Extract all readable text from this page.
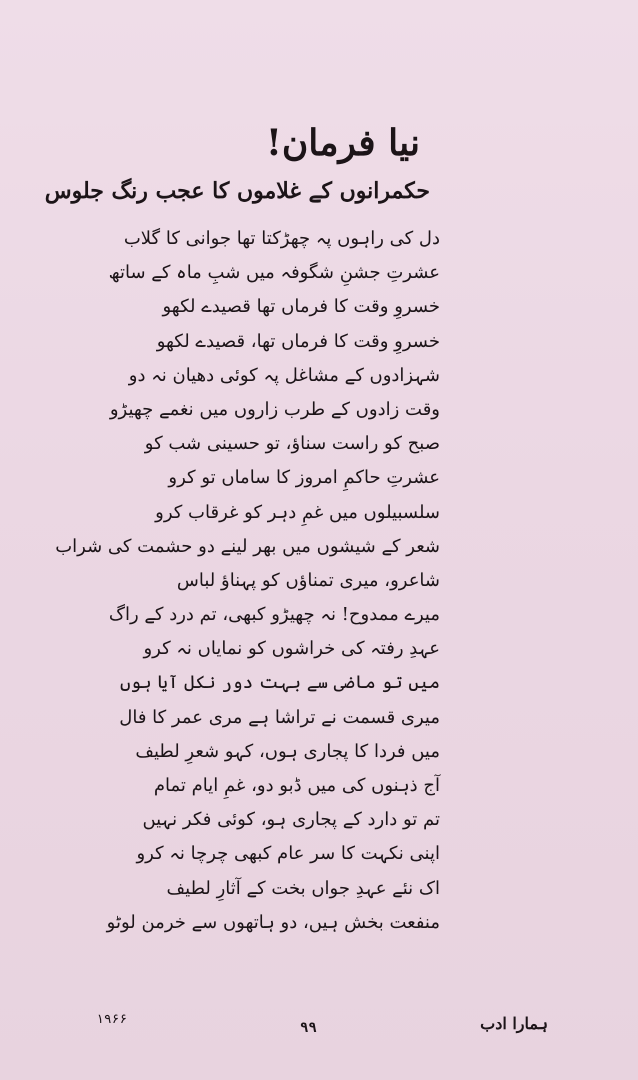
نیا فرمان!
حکمرانوں کے غلاموں کا عجب رنگ جلوس
دل کی راہوں پہ چھڑکتا تھا جوانی کا گلاب
عشرتِ جشنِ شگوفہ میں شبِ ماہ کے ساتھ
خسروِ وقت کا فرماں تھا قصیدے لکھو
خسروِ وقت کا فرماں تھا، قصیدے لکھو
شہزادوں کے مشاغل پہ کوئی دھیان نہ دو
وقت زادوں کے طرب زاروں میں نغمے چھیڑو
صبح کو راست سناؤ، تو حسینی شب کو
عشرتِ حاکمِ امروز کا ساماں تو کرو
سلسبیلوں میں غمِ دہر کو غرقاب کرو
شعر کے شیشوں میں بھر لینے دو حشمت کی شراب
شاعرو، میری تمناؤں کو پہناؤ لباس
میرے ممدوح! نہ چھیڑو کبھی، تم درد کے راگ
عہدِ رفتہ کی خراشوں کو نمایاں نہ کرو
میں تو ماضی سے بہت دور نکل آیا ہوں
میری قسمت نے تراشا ہے مری عمر کا فال
میں فردا کا پجاری ہوں، کہو شعرِ لطیف
آج ذہنوں کی میں ڈبو دو، غمِ ایام تمام
تم تو دارد کے پجاری ہو، کوئی فکر نہیں
اپنی نکہت کا سر عام کبھی چرچا نہ کرو
اک نئے عہدِ جواں بخت کے آثارِ لطیف
منفعت بخش ہیں، دو ہاتھوں سے خرمن لوٹو
۱۹۶۶
۹۹	ہمارا ادب
